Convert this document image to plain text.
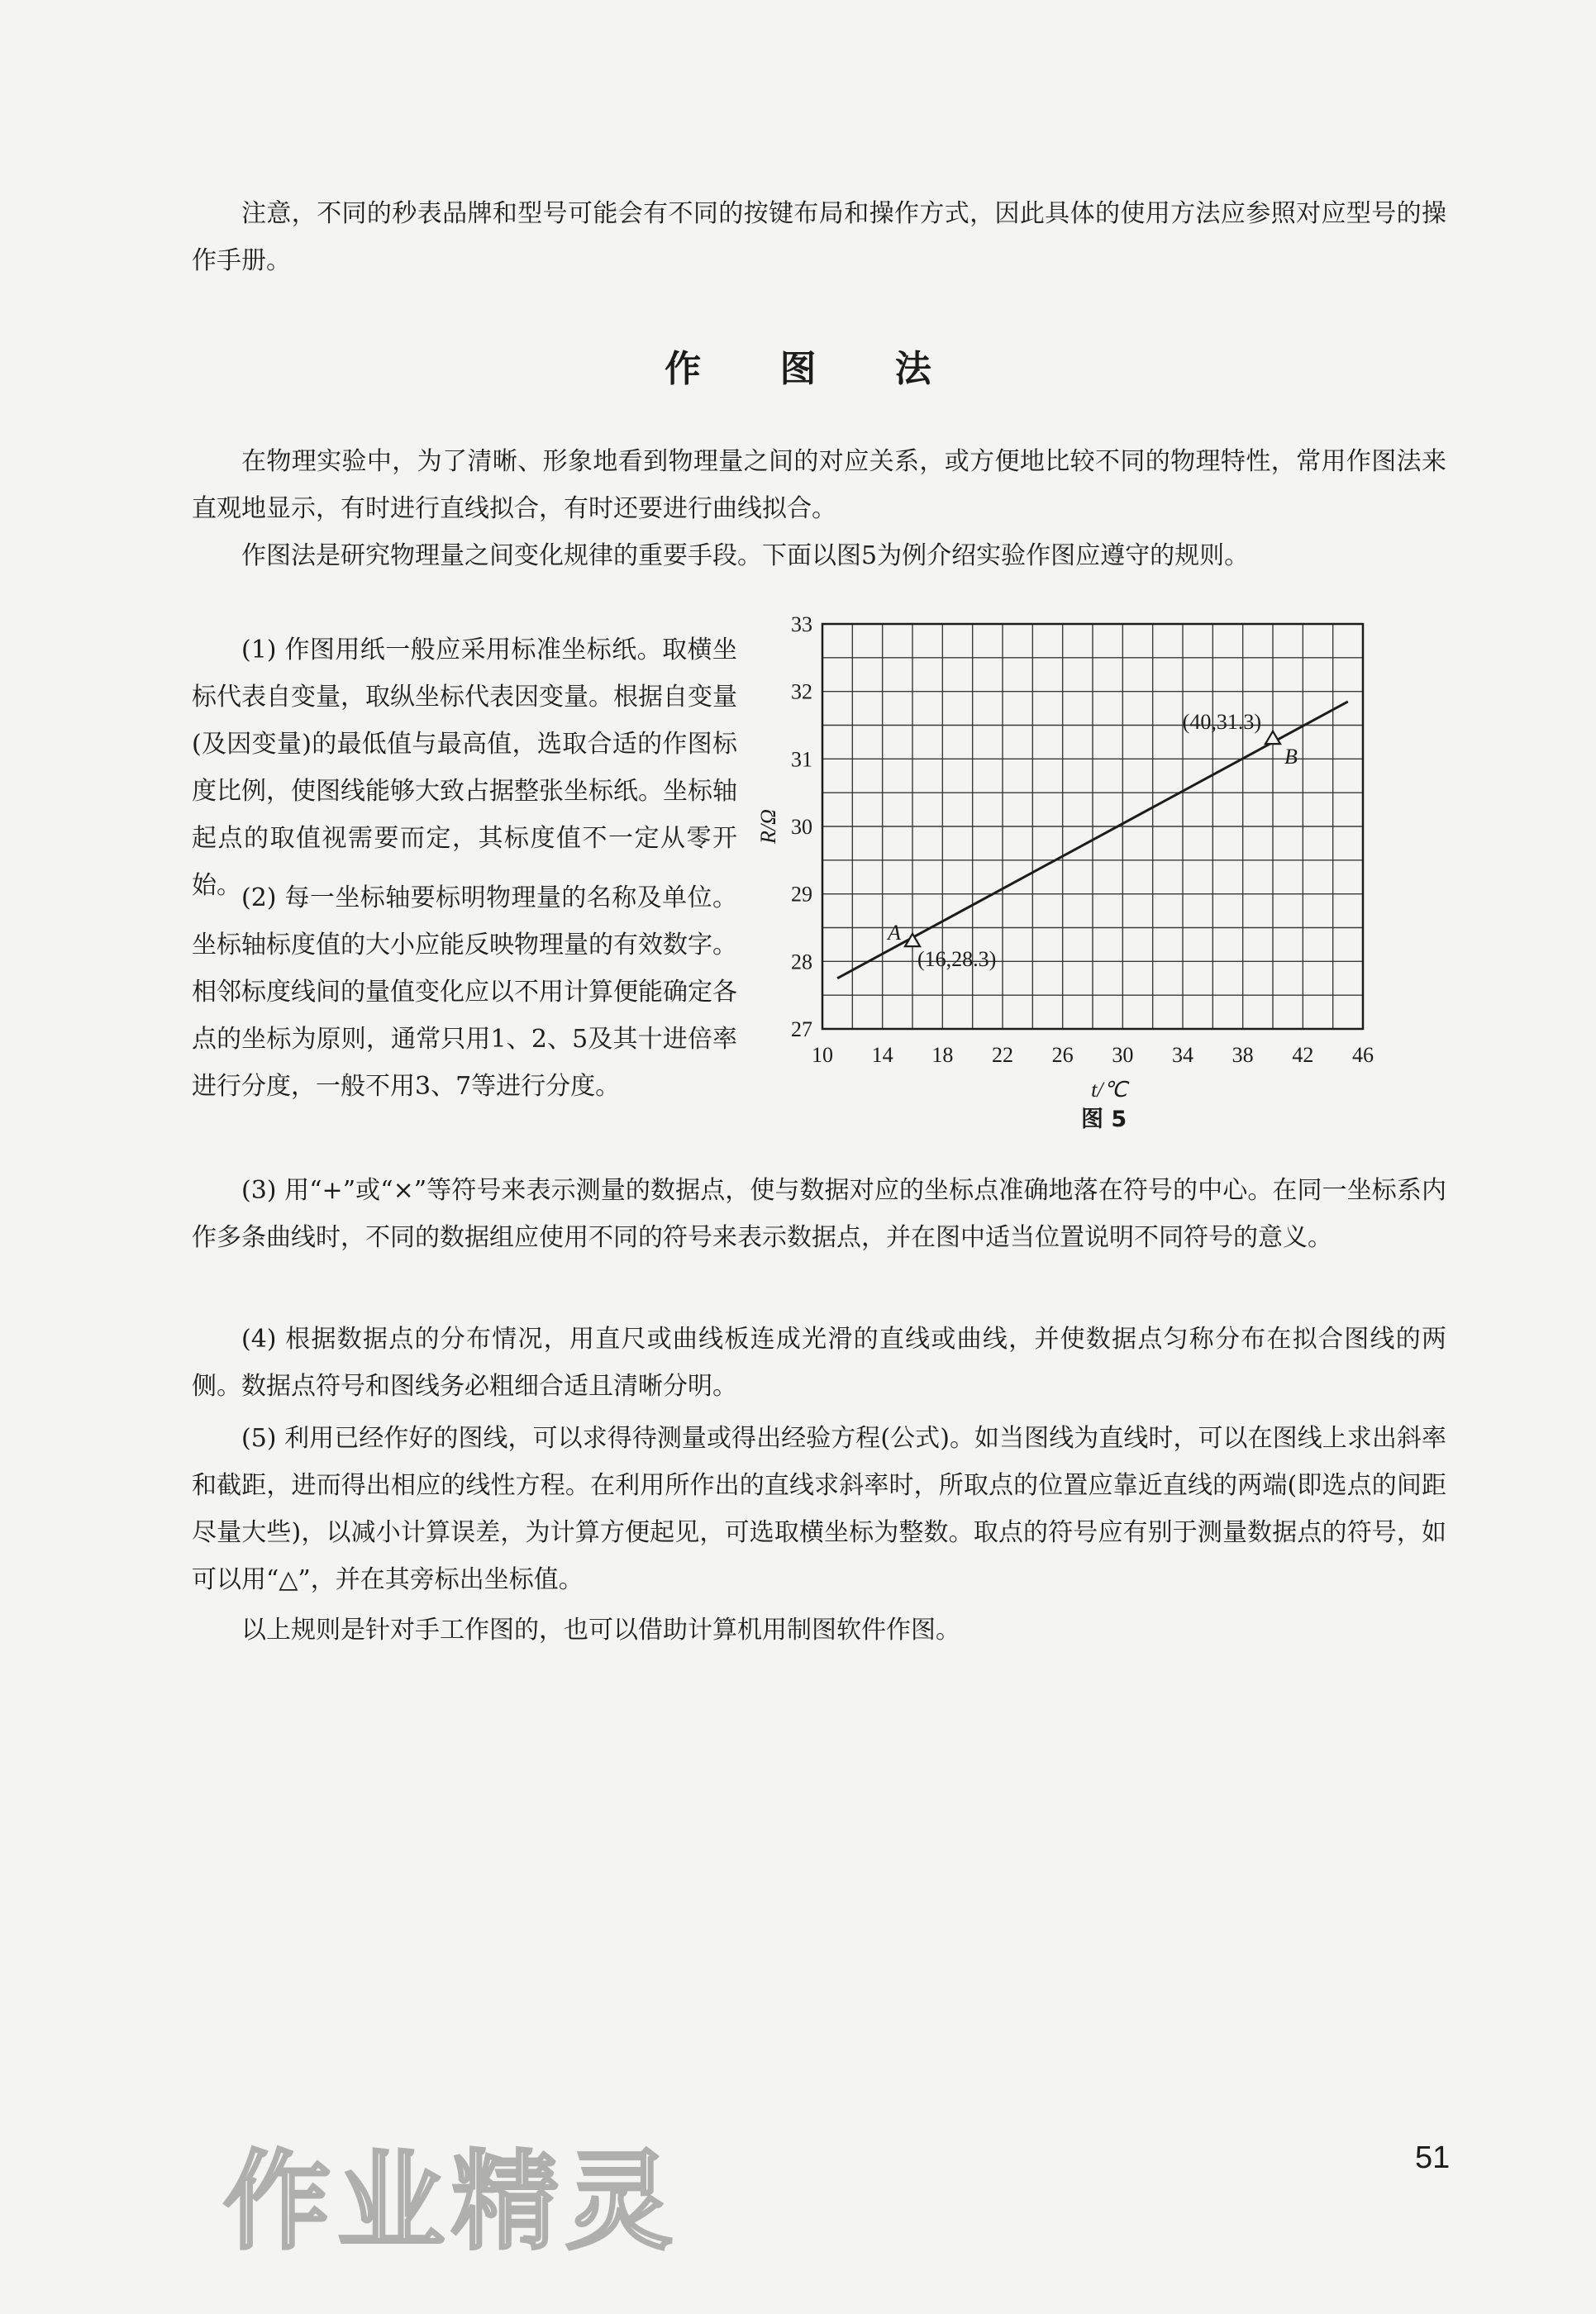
注意，不同的秒表品牌和型号可能会有不同的按键布局和操作方式，因此具体的使用方法应参照对应型号的操作手册。

作 图 法

在物理实验中，为了清晰、形象地看到物理量之间的对应关系，或方便地比较不同的物理特性，常用作图法来直观地显示，有时进行直线拟合，有时还要进行曲线拟合。

作图法是研究物理量之间变化规律的重要手段。下面以图5为例介绍实验作图应遵守的规则。

(1) 作图用纸一般应采用标准坐标纸。取横坐标代表自变量，取纵坐标代表因变量。根据自变量(及因变量)的最低值与最高值，选取合适的作图标度比例，使图线能够大致占据整张坐标纸。坐标轴起点的取值视需要而定，其标度值不一定从零开始。 (2) 每一坐标轴要标明物理量的名称及单位。坐标轴标度值的大小应能反映物理量的有效数字。相邻标度线间的量值变化应以不用计算便能确定各点的坐标为原则，通常只用1、2、5及其十进倍率进行分度，一般不用3、7等进行分度。

(3) 用“+”或“×”等符号来表示测量的数据点，使与数据对应的坐标点准确地落在符号的中心。在同一坐标系内作多条曲线时，不同的数据组应使用不同的符号来表示数据点，并在图中适当位置说明不同符号的意义。

(4) 根据数据点的分布情况，用直尺或曲线板连成光滑的直线或曲线，并使数据点匀称分布在拟合图线的两侧。数据点符号和图线务必粗细合适且清晰分明。

(5) 利用已经作好的图线，可以求得待测量或得出经验方程(公式)。如当图线为直线时，可以在图线上求出斜率和截距，进而得出相应的线性方程。在利用所作出的直线求斜率时，所取点的位置应靠近直线的两端(即选点的间距尽量大些)，以减小计算误差，为计算方便起见，可选取横坐标为整数。取点的符号应有别于测量数据点的符号，如可以用“△”，并在其旁标出坐标值。

以上规则是针对手工作图的，也可以借助计算机用制图软件作图。

10 14 18 22 26 30 34 38 42 46
27
28
29
30
31
32
33
t/℃
R/Ω
A
(16,28.3)
(40,31.3)
B

图 5

作业精灵	51
